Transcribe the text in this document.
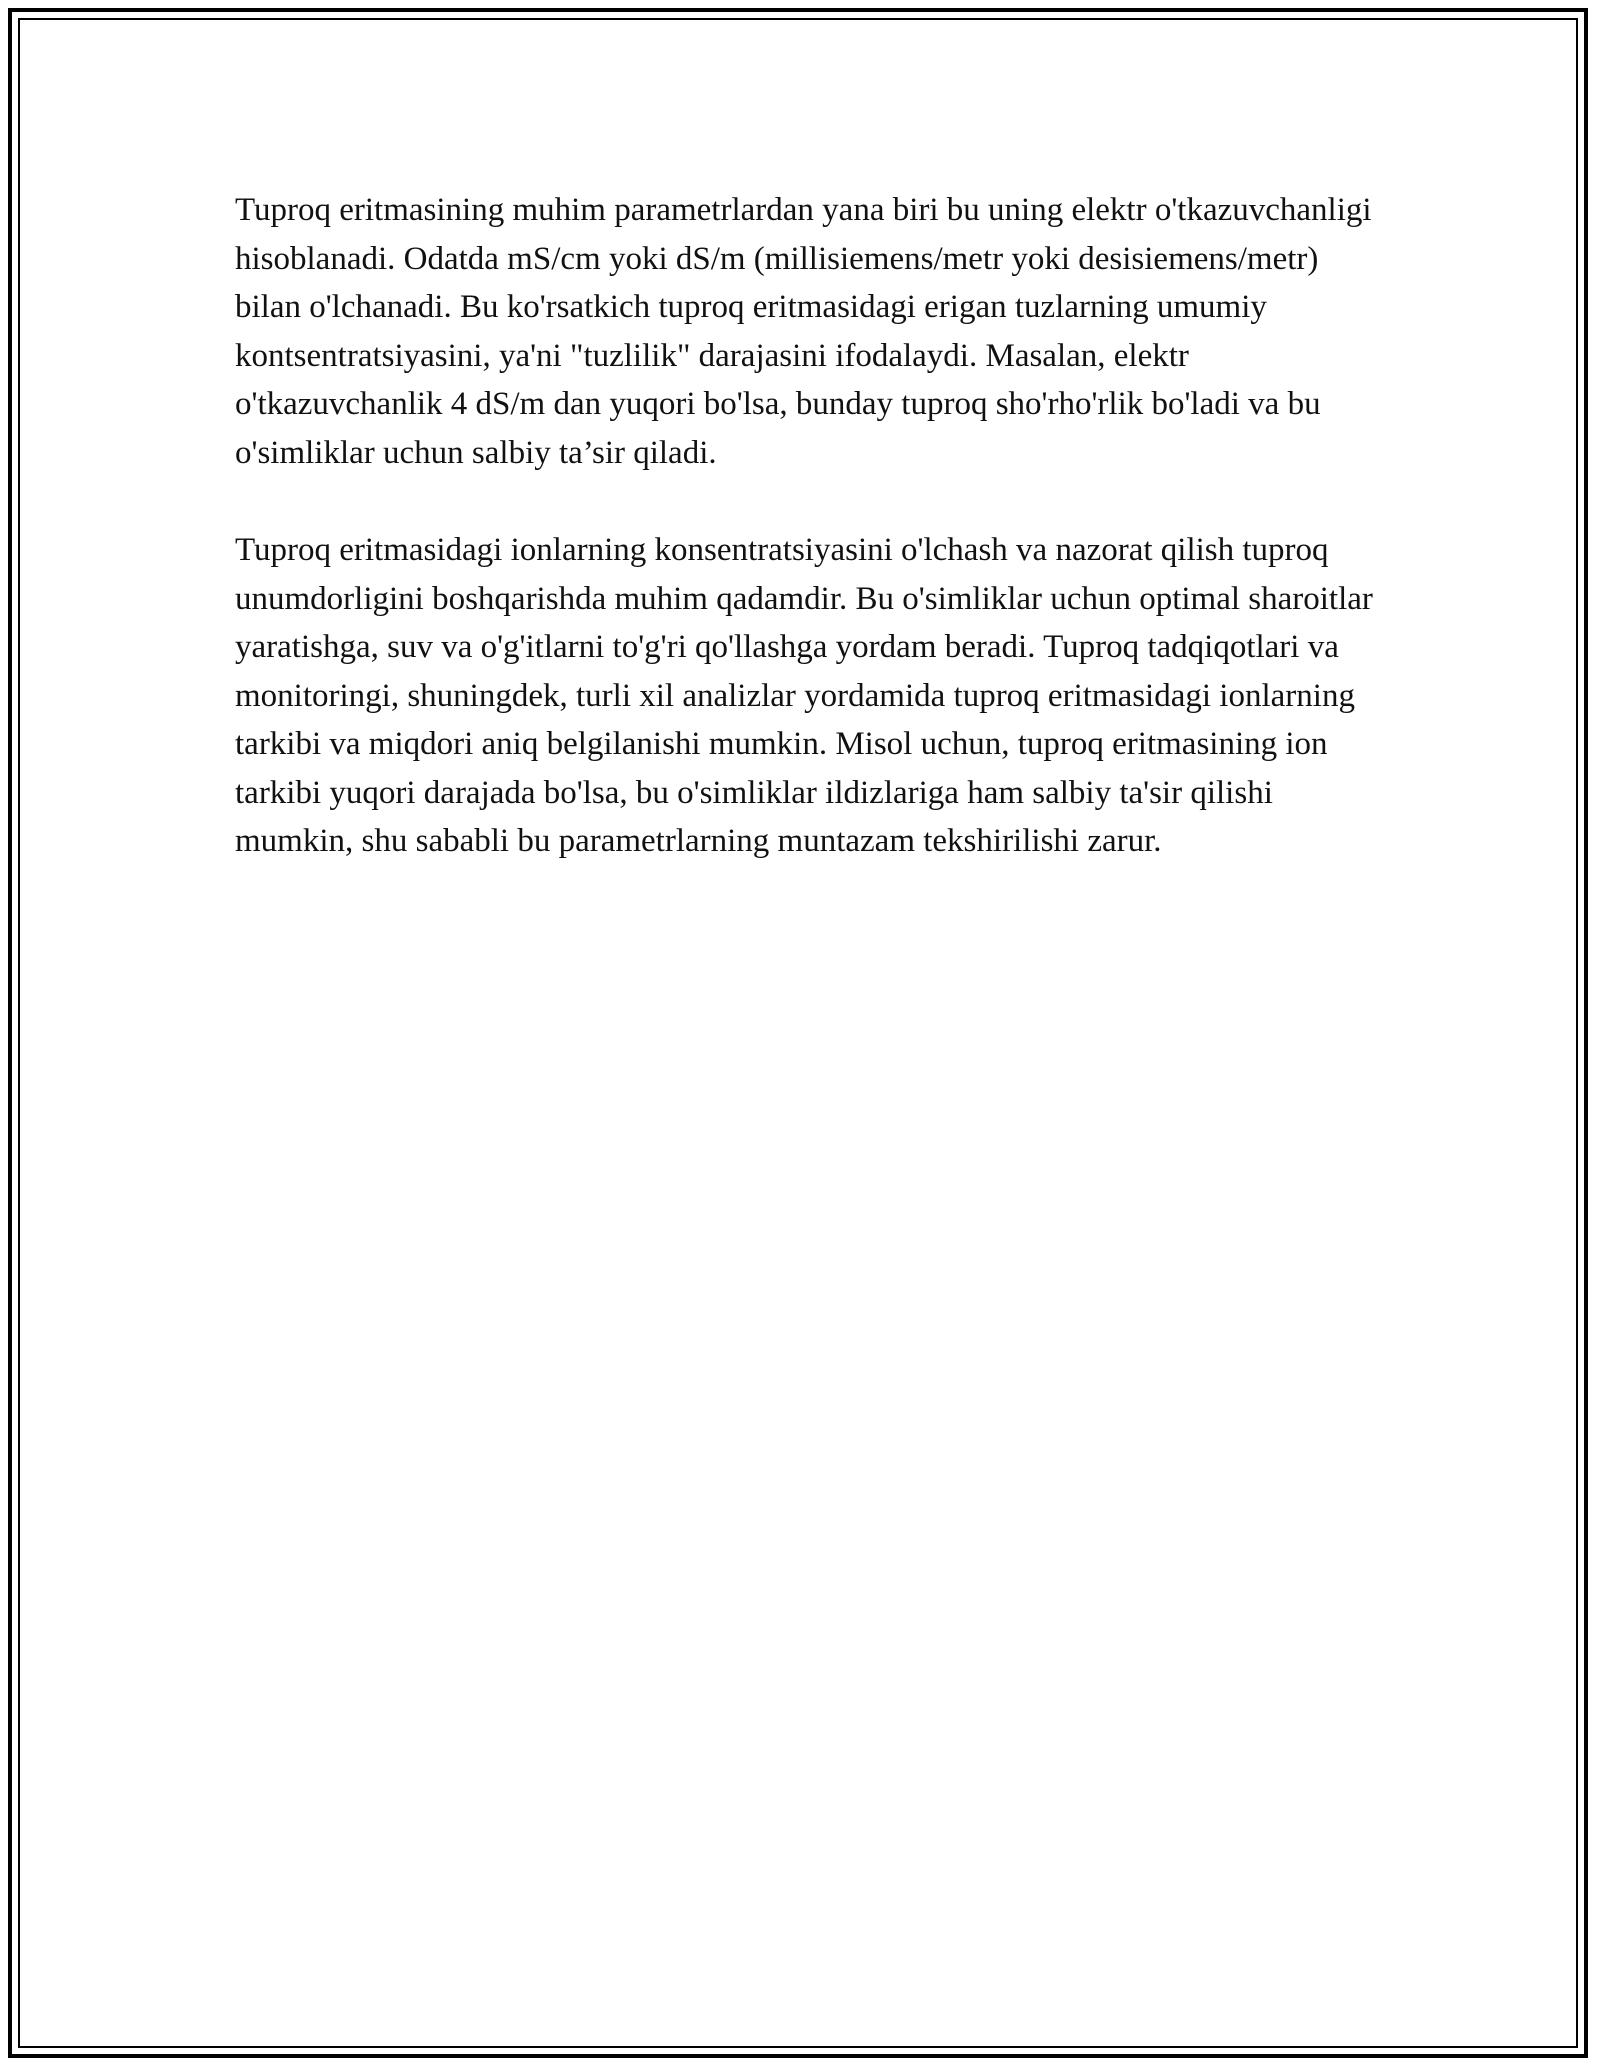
Tuproq eritmasining muhim parametrlardan yana biri bu uning elektr o'tkazuvchanligi hisoblanadi. Odatda mS/cm yoki dS/m (millisiemens/metr yoki desisiemens/metr) bilan o'lchanadi. Bu ko'rsatkich tuproq eritmasidagi erigan tuzlarning umumiy kontsentratsiyasini, ya'ni "tuzlilik" darajasini ifodalaydi. Masalan, elektr o'tkazuvchanlik 4 dS/m dan yuqori bo'lsa, bunday tuproq sho'rho'rlik bo'ladi va bu o'simliklar uchun salbiy ta’sir qiladi.

Tuproq eritmasidagi ionlarning konsentratsiyasini o'lchash va nazorat qilish tuproq unumdorligini boshqarishda muhim qadamdir. Bu o'simliklar uchun optimal sharoitlar yaratishga, suv va o'g'itlarni to'g'ri qo'llashga yordam beradi. Tuproq tadqiqotlari va monitoringi, shuningdek, turli xil analizlar yordamida tuproq eritmasidagi ionlarning tarkibi va miqdori aniq belgilanishi mumkin. Misol uchun, tuproq eritmasining ion tarkibi yuqori darajada bo'lsa, bu o'simliklar ildizlariga ham salbiy ta'sir qilishi mumkin, shu sababli bu parametrlarning muntazam tekshirilishi zarur.
